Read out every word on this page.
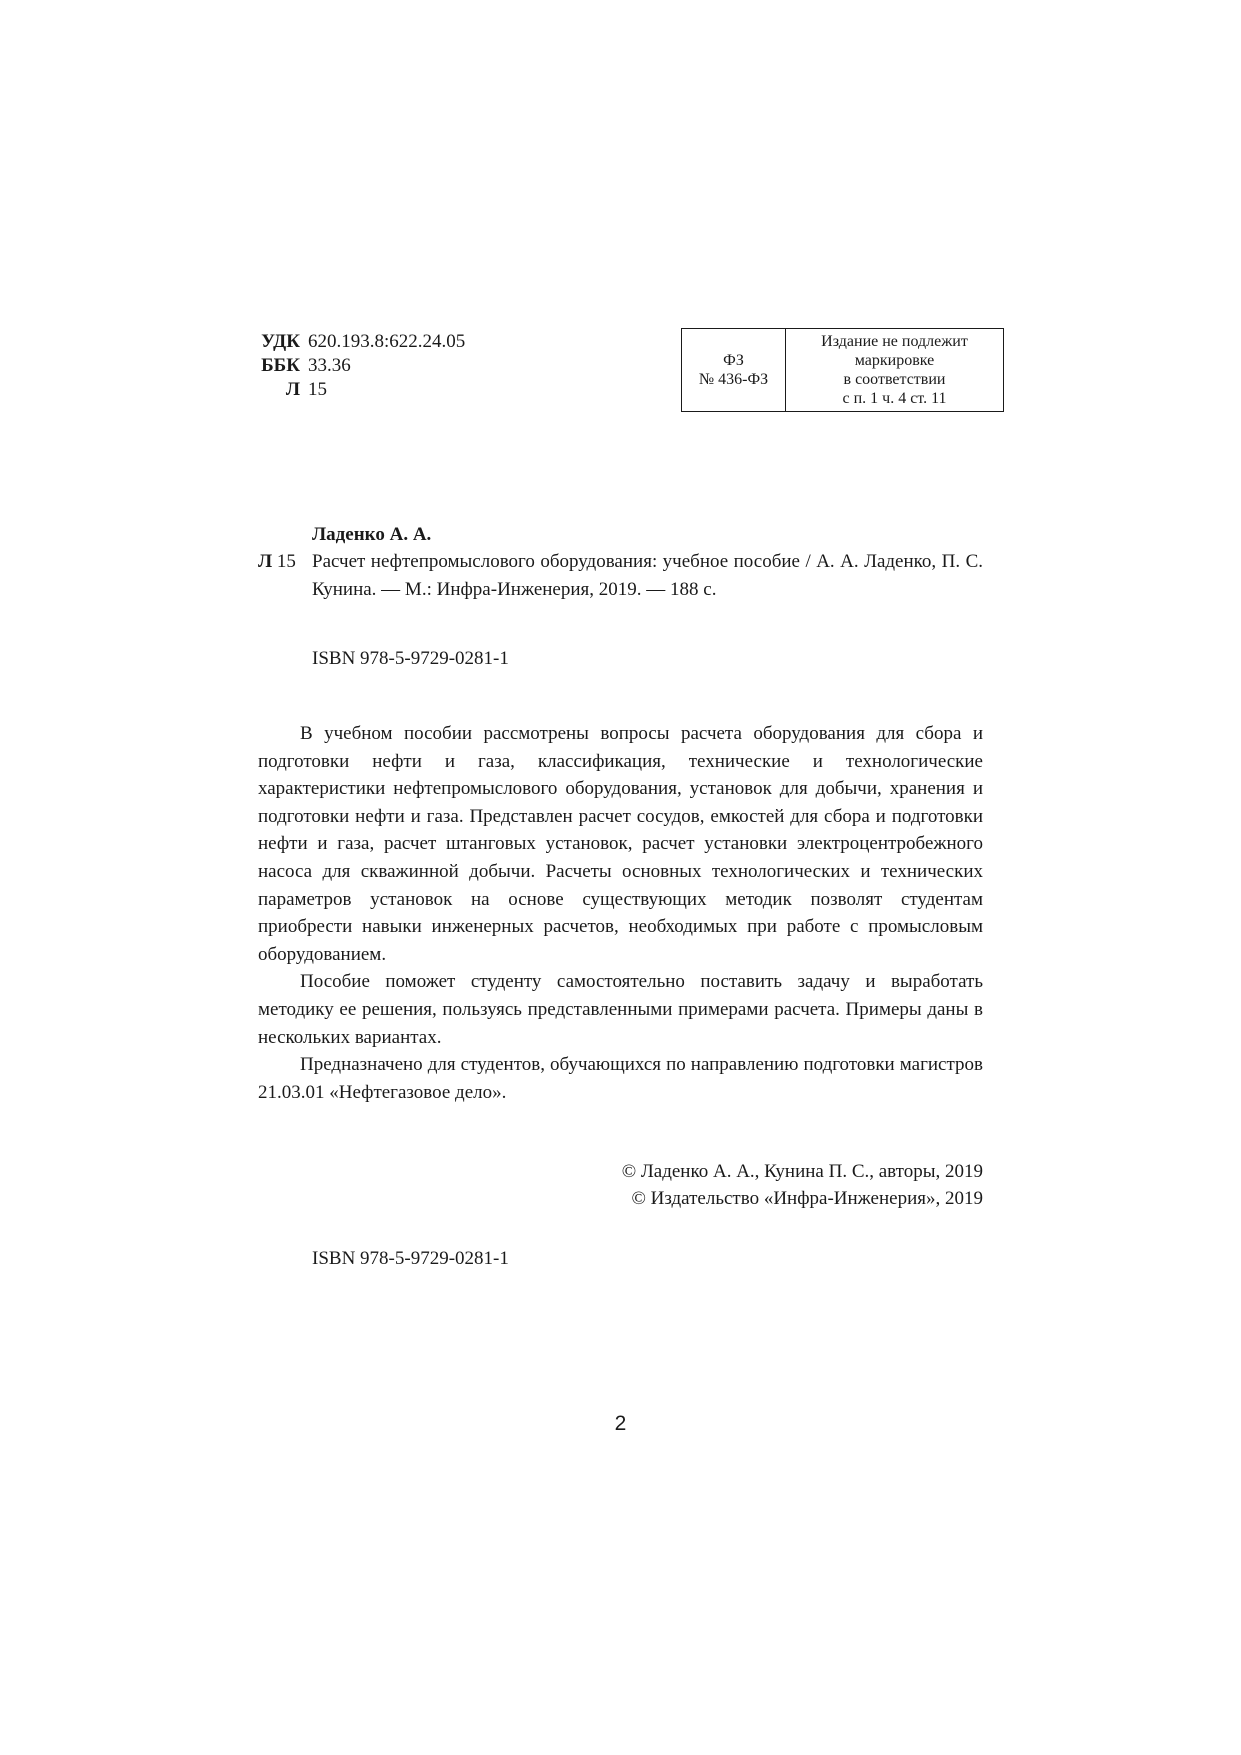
УДК 620.193.8:622.24.05
ББК 33.36
Л 15
ФЗ
№ 436-ФЗ
Издание не подлежит
маркировке
в соответствии
с п. 1 ч. 4 ст. 11
Ладенко А. А.
Л 15 Расчет нефтепромыслового оборудования: учебное пособие / А. А. Ладенко, П. С. Кунина. — М.: Инфра-Инженерия, 2019. — 188 с.
ISBN 978-5-9729-0281-1

В учебном пособии рассмотрены вопросы расчета оборудования для сбора и подготовки нефти и газа, классификация, технические и технологические характеристики нефтепромыслового оборудования, установок для добычи, хранения и подготовки нефти и газа. Представлен расчет сосудов, емкостей для сбора и подготовки нефти и газа, расчет штанговых установок, расчет установки электроцентробежного насоса для скважинной добычи. Расчеты основных технологических и технических параметров установок на основе существующих методик позволят студентам приобрести навыки инженерных расчетов, необходимых при работе с промысловым оборудованием.

Пособие поможет студенту самостоятельно поставить задачу и выработать методику ее решения, пользуясь представленными примерами расчета. Примеры даны в нескольких вариантах.

Предназначено для студентов, обучающихся по направлению подготовки магистров 21.03.01 «Нефтегазовое дело».

© Ладенко А. А., Кунина П. С., авторы, 2019
© Издательство «Инфра-Инженерия», 2019
ISBN 978-5-9729-0281-1
2
